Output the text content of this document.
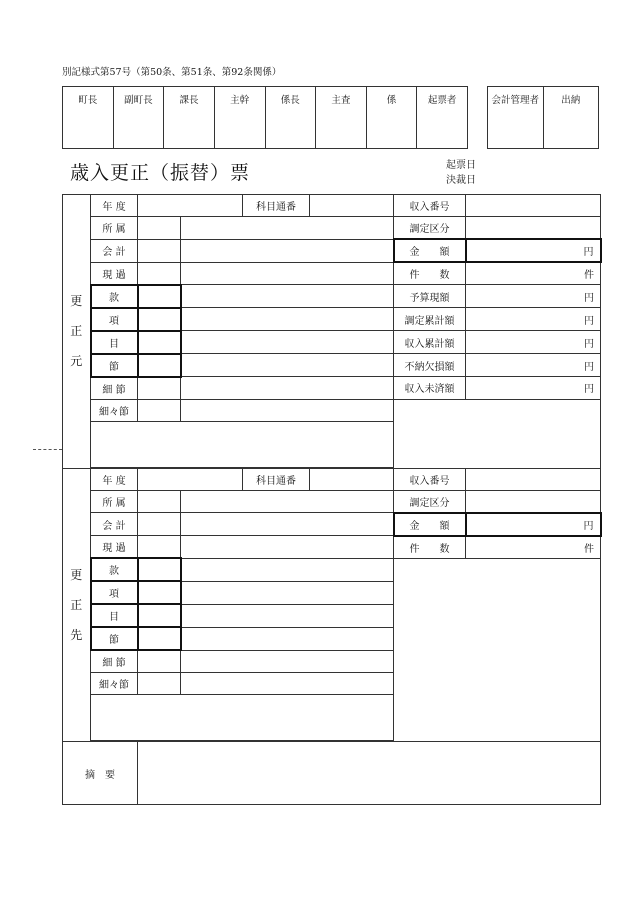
別記様式第57号（第50条、第51条、第92条関係）
町長	副町長	課長	主幹	係長	主査	係	起票者	会計管理者	出納
歳入更正（振替）票	起票日
決裁日
更
正
元	年 度			科目通番		収入番号	
	所 属					調定区分	
	会 計					金　　額	円
	現 過					件　　数	件
	款					予算現額	円
	項					調定累計額	円
	目					収入累計額	円
	節					不納欠損額	円
	細 節					収入未済額	円
	細々節						

更
正
先	年 度			科目通番		収入番号	
	所 属					調定区分	
	会 計					金　　額	円
	現 過					件　　数	件
	款						
	項						
	目						
	節						
	細 節						
	細々節						

摘　要							
